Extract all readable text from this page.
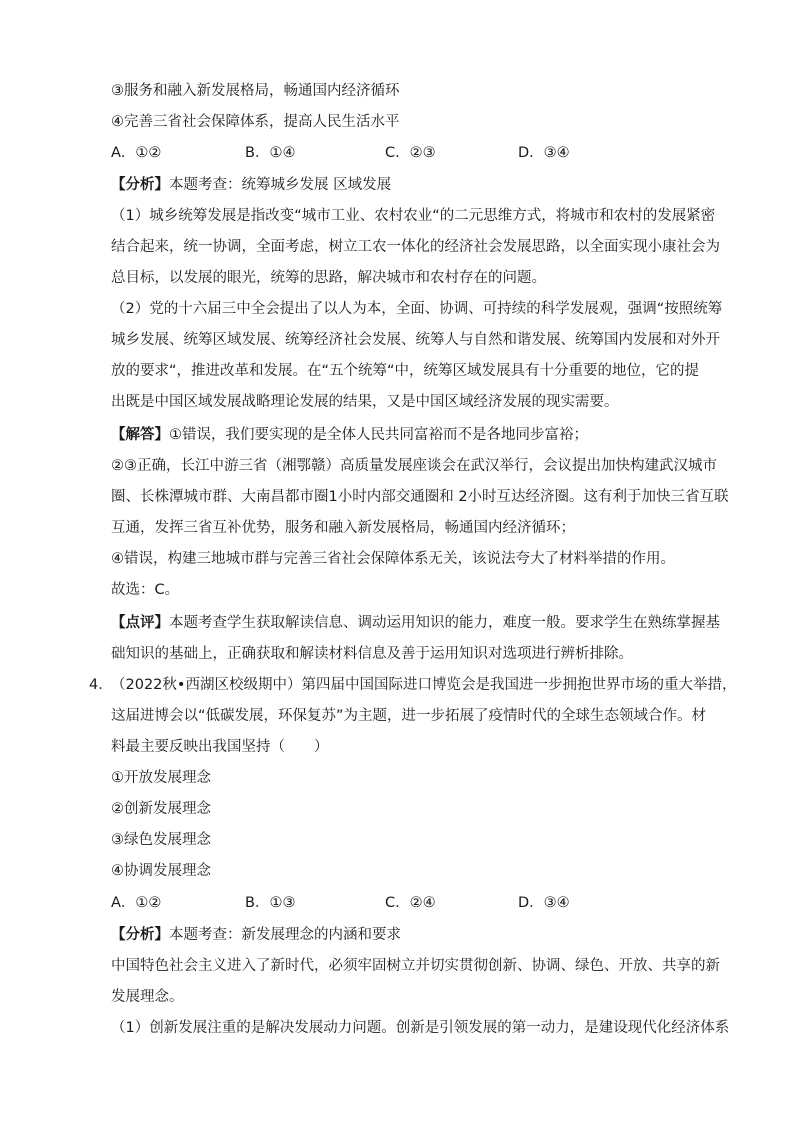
③服务和融入新发展格局，畅通国内经济循环
④完善三省社会保障体系，提高人民生活水平
A．①②	B．①④	C．②③	D．③④
【分析】本题考查：统筹城乡发展 区域发展
（1）城乡统筹发展是指改变“城市工业、农村农业“的二元思维方式，将城市和农村的发展紧密
结合起来，统一协调，全面考虑，树立工农一体化的经济社会发展思路，以全面实现小康社会为
总目标，以发展的眼光，统筹的思路，解决城市和农村存在的问题。
（2）党的十六届三中全会提出了以人为本，全面、协调、可持续的科学发展观，强调“按照统筹
城乡发展、统筹区域发展、统筹经济社会发展、统筹人与自然和谐发展、统筹国内发展和对外开
放的要求“，推进改革和发展。在“五个统筹“中，统筹区域发展具有十分重要的地位，它的提
出既是中国区域发展战略理论发展的结果，又是中国区域经济发展的现实需要。
【解答】①错误，我们要实现的是全体人民共同富裕而不是各地同步富裕；
②③正确，长江中游三省（湘鄂赣）高质量发展座谈会在武汉举行，会议提出加快构建武汉城市
圈、长株潭城市群、大南昌都市圈1小时内部交通圈和 2小时互达经济圈。这有利于加快三省互联
互通，发挥三省互补优势，服务和融入新发展格局，畅通国内经济循环；
④错误，构建三地城市群与完善三省社会保障体系无关，该说法夸大了材料举措的作用。
故选：C。
【点评】本题考查学生获取解读信息、调动运用知识的能力，难度一般。要求学生在熟练掌握基
础知识的基础上，正确获取和解读材料信息及善于运用知识对选项进行辨析排除。
4．
（2022秋•西湖区校级期中）第四届中国国际进口博览会是我国进一步拥抱世界市场的重大举措，
这届进博会以“低碳发展，环保复苏”为主题，进一步拓展了疫情时代的全球生态领域合作。材
料最主要反映出我国坚持（　　）
①开放发展理念
②创新发展理念
③绿色发展理念
④协调发展理念
A．①②	B．①③	C．②④	D．③④
【分析】本题考查：新发展理念的内涵和要求
中国特色社会主义进入了新时代，必须牢固树立并切实贯彻创新、协调、绿色、开放、共享的新
发展理念。
（1）创新发展注重的是解决发展动力问题。创新是引领发展的第一动力，是建设现代化经济体系
